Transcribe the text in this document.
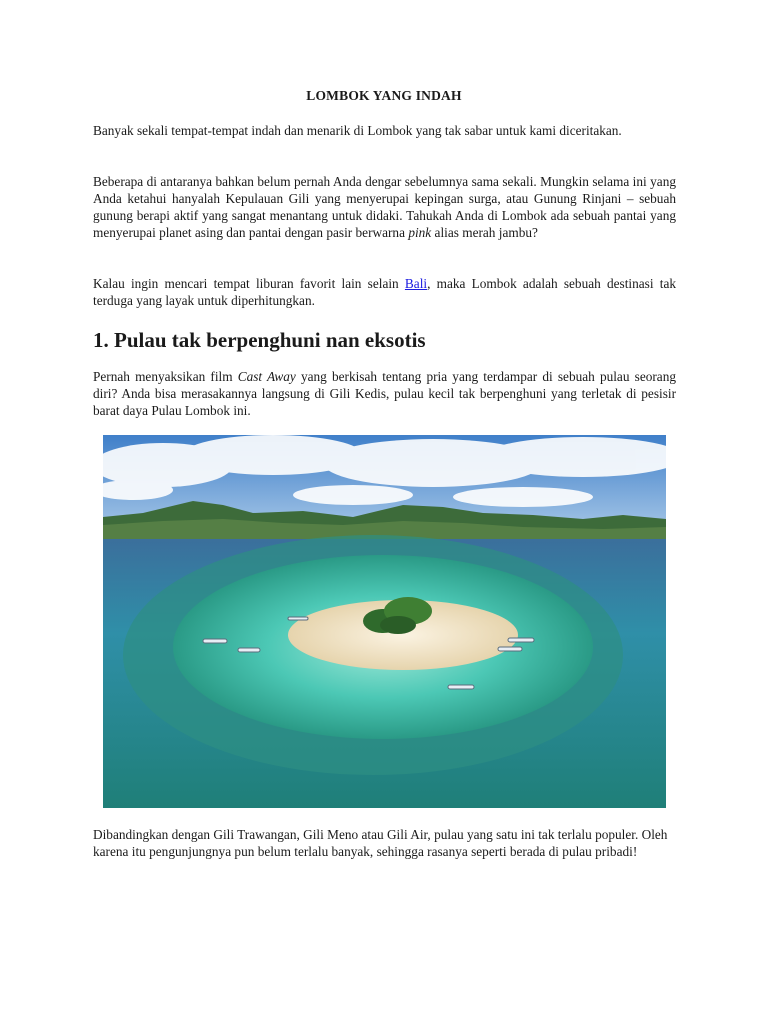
LOMBOK YANG INDAH

Banyak sekali tempat-tempat indah dan menarik di Lombok yang tak sabar untuk kami diceritakan.

Beberapa di antaranya bahkan belum pernah Anda dengar sebelumnya sama sekali. Mungkin selama ini yang Anda ketahui hanyalah Kepulauan Gili yang menyerupai kepingan surga, atau Gunung Rinjani – sebuah gunung berapi aktif yang sangat menantang untuk didaki. Tahukah Anda di Lombok ada sebuah pantai yang menyerupai planet asing dan pantai dengan pasir berwarna pink alias merah jambu?

Kalau ingin mencari tempat liburan favorit lain selain Bali, maka Lombok adalah sebuah destinasi tak terduga yang layak untuk diperhitungkan.

1. Pulau tak berpenghuni nan eksotis

Pernah menyaksikan film Cast Away yang berkisah tentang pria yang terdampar di sebuah pulau seorang diri? Anda bisa merasakannya langsung di Gili Kedis, pulau kecil tak berpenghuni yang terletak di pesisir barat daya Pulau Lombok ini.

Dibandingkan dengan Gili Trawangan, Gili Meno atau Gili Air, pulau yang satu ini tak terlalu populer. Oleh karena itu pengunjungnya pun belum terlalu banyak, sehingga rasanya seperti berada di pulau pribadi!
